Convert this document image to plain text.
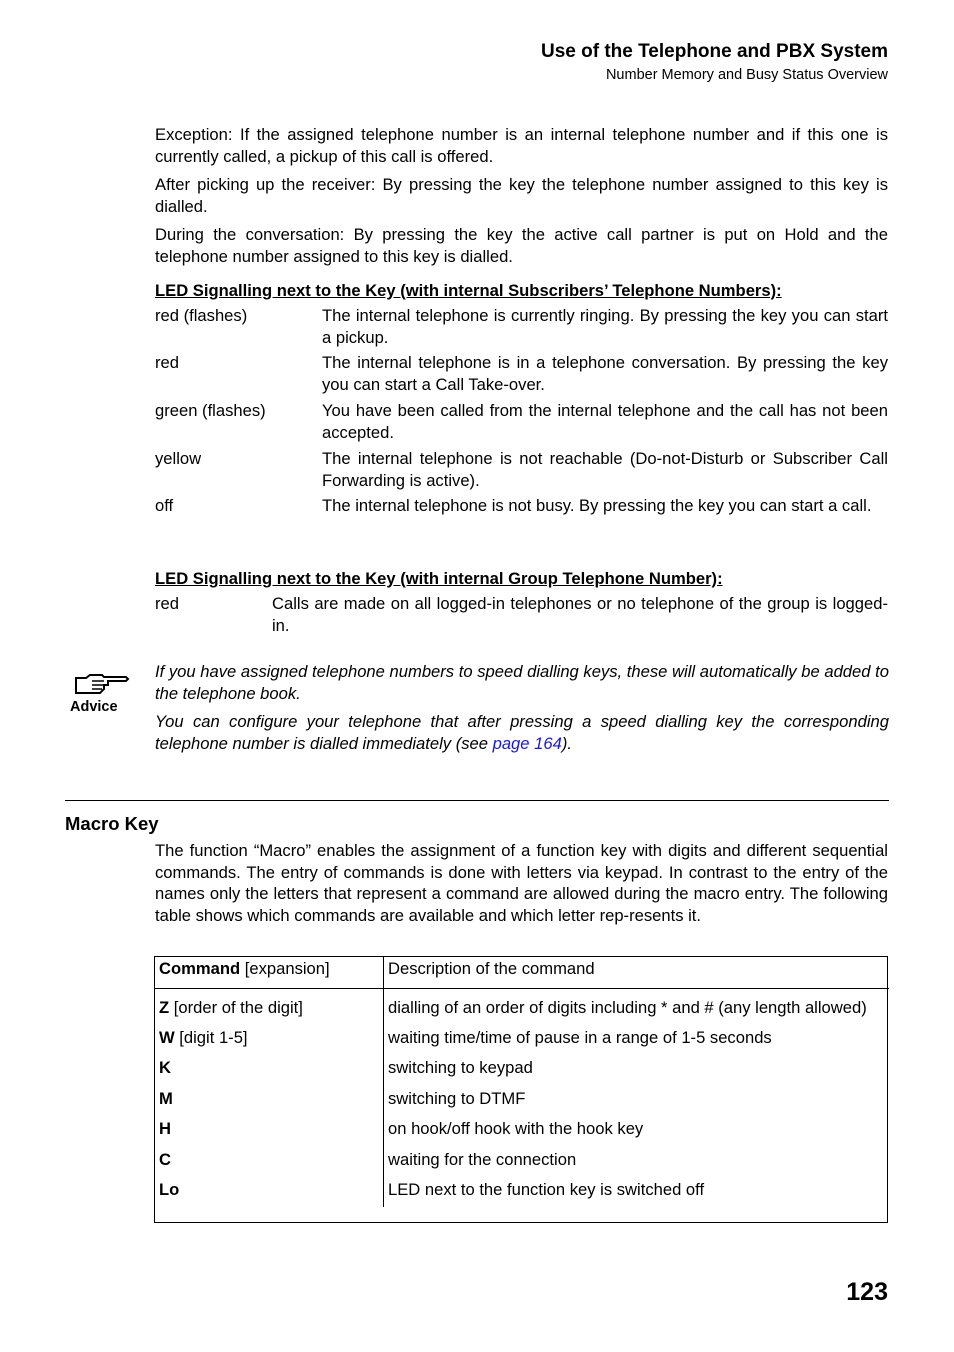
Use of the Telephone and PBX System
Number Memory and Busy Status Overview
Exception: If the assigned telephone number is an internal telephone number and if this one is currently called, a pickup of this call is offered.
After picking up the receiver: By pressing the key the telephone number assigned to this key is dialled.
During the conversation: By pressing the key the active call partner is put on Hold and the telephone number assigned to this key is dialled.
LED Signalling next to the Key (with internal Subscribers’ Telephone Numbers):
red (flashes)	The internal telephone is currently ringing. By pressing the key you can start a pickup.
red	The internal telephone is in a telephone conversation. By pressing the key you can start a Call Take-over.
green (flashes)	You have been called from the internal telephone and the call has not been accepted.
yellow	The internal telephone is not reachable (Do-not-Disturb or Subscriber Call Forwarding is active).
off	The internal telephone is not busy. By pressing the key you can start a call.
LED Signalling next to the Key (with internal Group Telephone Number):
red	Calls are made on all logged-in telephones or no telephone of the group is logged-in.
Advice
If you have assigned telephone numbers to speed dialling keys, these will automatically be added to the telephone book.
You can configure your telephone that after pressing a speed dialling key the corresponding telephone number is dialled immediately (see page 164).
Macro Key
The function “Macro” enables the assignment of a function key with digits and different sequential commands. The entry of commands is done with letters via keypad. In contrast to the entry of the names only the letters that represent a command are allowed during the macro entry. The following table shows which commands are available and which letter rep-resents it.
Command [expansion]	Description of the command
Z [order of the digit]	dialling of an order of digits including * and # (any length allowed)
W [digit 1-5]	waiting time/time of pause in a range of 1-5 seconds
K	switching to keypad
M	switching to DTMF
H	on hook/off hook with the hook key
C	waiting for the connection
Lo	LED next to the function key is switched off
123
